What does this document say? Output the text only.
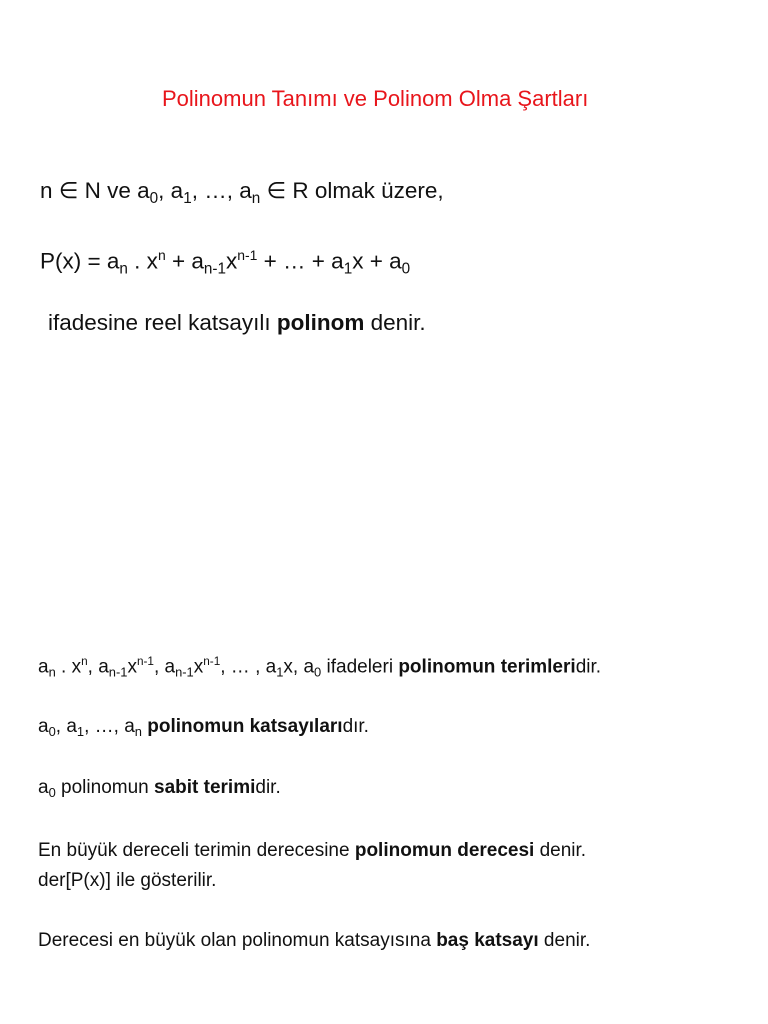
Polinomun Tanımı ve Polinom Olma Şartları
n ∈ N ve $a_0$, $a_1$, …, $a_n$ ∈ R olmak üzere,
$P(x) = a_n$ . $x^n + a_{n-1}x^{n-1}$ + … + $a_1x + a_0$
ifadesine reel katsayılı polinom denir.
$a_n$ . $x^n$, $a_{n-1}x^{n-1}$, $a_{n-1}x^{n-1}$, … , $a_1x$, $a_0$ ifadeleri polinomun terimleridir.
$a_0$, $a_1$, …, $a_n$ polinomun katsayılarıdır.
$a_0$ polinomun sabit terimidir.
En büyük dereceli terimin derecesine polinomun derecesi denir.
der[P(x)] ile gösterilir.
Derecesi en büyük olan polinomun katsayısına baş katsayı denir.
